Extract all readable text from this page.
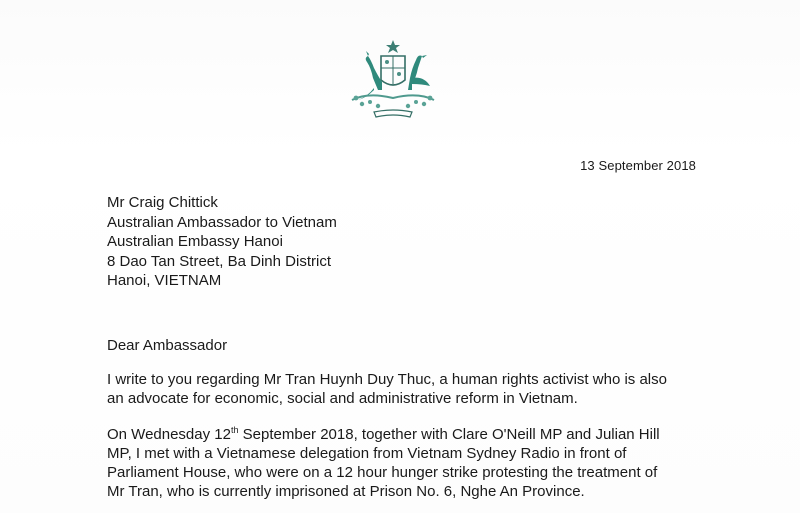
13 September 2018
Mr Craig Chittick
Australian Ambassador to Vietnam
Australian Embassy Hanoi
8 Dao Tan Street, Ba Dinh District
Hanoi, VIETNAM
Dear Ambassador
I write to you regarding Mr Tran Huynh Duy Thuc, a human rights activist who is also
an advocate for economic, social and administrative reform in Vietnam.
On Wednesday 12th September 2018, together with Clare O'Neill MP and Julian Hill
MP, I met with a Vietnamese delegation from Vietnam Sydney Radio in front of
Parliament House, who were on a 12 hour hunger strike protesting the treatment of
Mr Tran, who is currently imprisoned at Prison No. 6, Nghe An Province.
